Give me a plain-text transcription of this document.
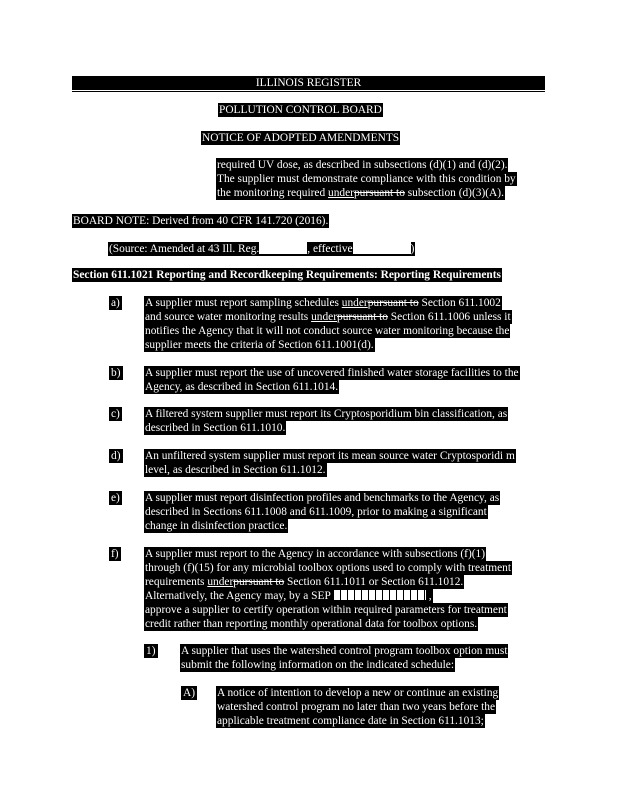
ILLINOIS REGISTER
POLLUTION CONTROL BOARD
NOTICE OF ADOPTED AMENDMENTS
required UV dose, as described in subsections (d)(1) and (d)(2).
The supplier must demonstrate compliance with this condition by
the monitoring required underpursuant to subsection (d)(3)(A).
BOARD NOTE: Derived from 40 CFR 141.720 (2016).
(Source: Amended at 43 Ill. Reg.	, effective	)
Section 611.1021 Reporting and Recordkeeping Requirements: Reporting Requirements
a) A supplier must report sampling schedules underpursuant to Section 611.1002
and source water monitoring results underpursuant to Section 611.1006 unless it
notifies the Agency that it will not conduct source water monitoring because the
supplier meets the criteria of Section 611.1001(d).
b) A supplier must report the use of uncovered finished water storage facilities to the
Agency, as described in Section 611.1014.
c) A filtered system supplier must report its Cryptosporidium bin classification, as
described in Section 611.1010.
d) An unfiltered system supplier must report its mean source water Cryptosporidi m
level, as described in Section 611.1012.
e) A supplier must report disinfection profiles and benchmarks to the Agency, as
described in Sections 611.1008 and 611.1009, prior to making a significant
change in disinfection practice.
f) A supplier must report to the Agency in accordance with subsections (f)(1)
through (f)(15) for any microbial toolbox options used to comply with treatment
requirements underpursuant to Section 611.1011 or Section 611.1012.
Alternatively, the Agency may, by a SEP	,
approve a supplier to certify operation within required parameters for treatment
credit rather than reporting monthly operational data for toolbox options.
1) A supplier that uses the watershed control program toolbox option must
submit the following information on the indicated schedule:
A) A notice of intention to develop a new or continue an existing
watershed control program no later than two years before the
applicable treatment compliance date in Section 611.1013;
